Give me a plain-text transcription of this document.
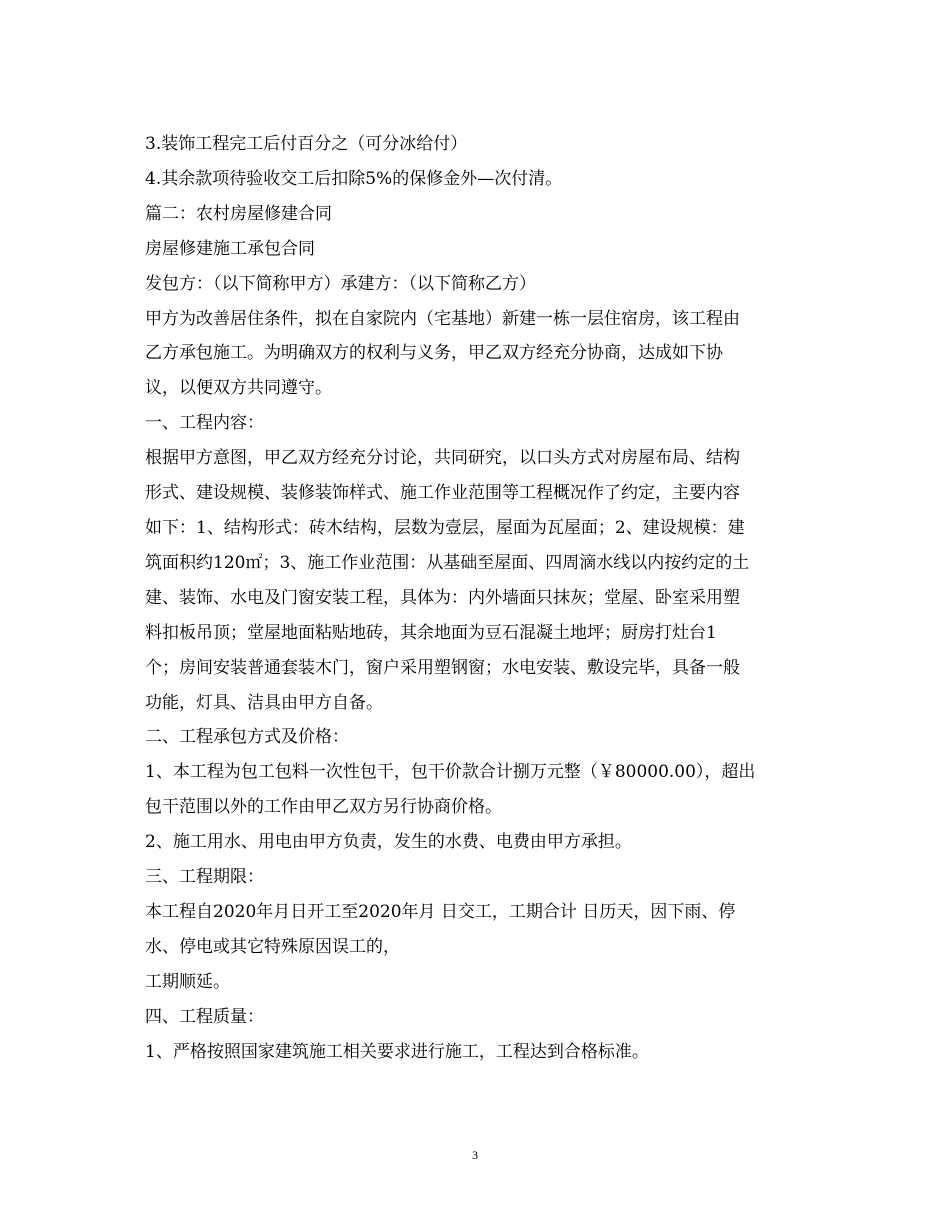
3.装饰工程完工后付百分之（可分冰给付）

4.其余款项待验收交工后扣除5%的保修金外—次付清。

篇二：农村房屋修建合同

房屋修建施工承包合同

发包方：（以下简称甲方）承建方：（以下简称乙方）

甲方为改善居住条件，拟在自家院内（宅基地）新建一栋一层住宿房，该工程由

乙方承包施工。为明确双方的权利与义务，甲乙双方经充分协商，达成如下协

议，以便双方共同遵守。

一、工程内容：

根据甲方意图，甲乙双方经充分讨论，共同研究，以口头方式对房屋布局、结构

形式、建设规模、装修装饰样式、施工作业范围等工程概况作了约定，主要内容

如下：1、结构形式：砖木结构，层数为壹层，屋面为瓦屋面；2、建设规模：建

筑面积约120㎡；3、施工作业范围：从基础至屋面、四周滴水线以内按约定的土

建、装饰、水电及门窗安装工程，具体为：内外墙面只抹灰；堂屋、卧室采用塑

料扣板吊顶；堂屋地面粘贴地砖，其余地面为豆石混凝土地坪；厨房打灶台1

个；房间安装普通套装木门，窗户采用塑钢窗；水电安装、敷设完毕，具备一般

功能，灯具、洁具由甲方自备。

二、工程承包方式及价格：

1、本工程为包工包料一次性包干，包干价款合计捌万元整（￥80000.00），超出

包干范围以外的工作由甲乙双方另行协商价格。

2、施工用水、用电由甲方负责，发生的水费、电费由甲方承担。

三、工程期限：

本工程自2020年月日开工至2020年月 日交工，工期合计 日历天，因下雨、停

水、停电或其它特殊原因误工的，

工期顺延。

四、工程质量：

1、严格按照国家建筑施工相关要求进行施工，工程达到合格标准。

3
